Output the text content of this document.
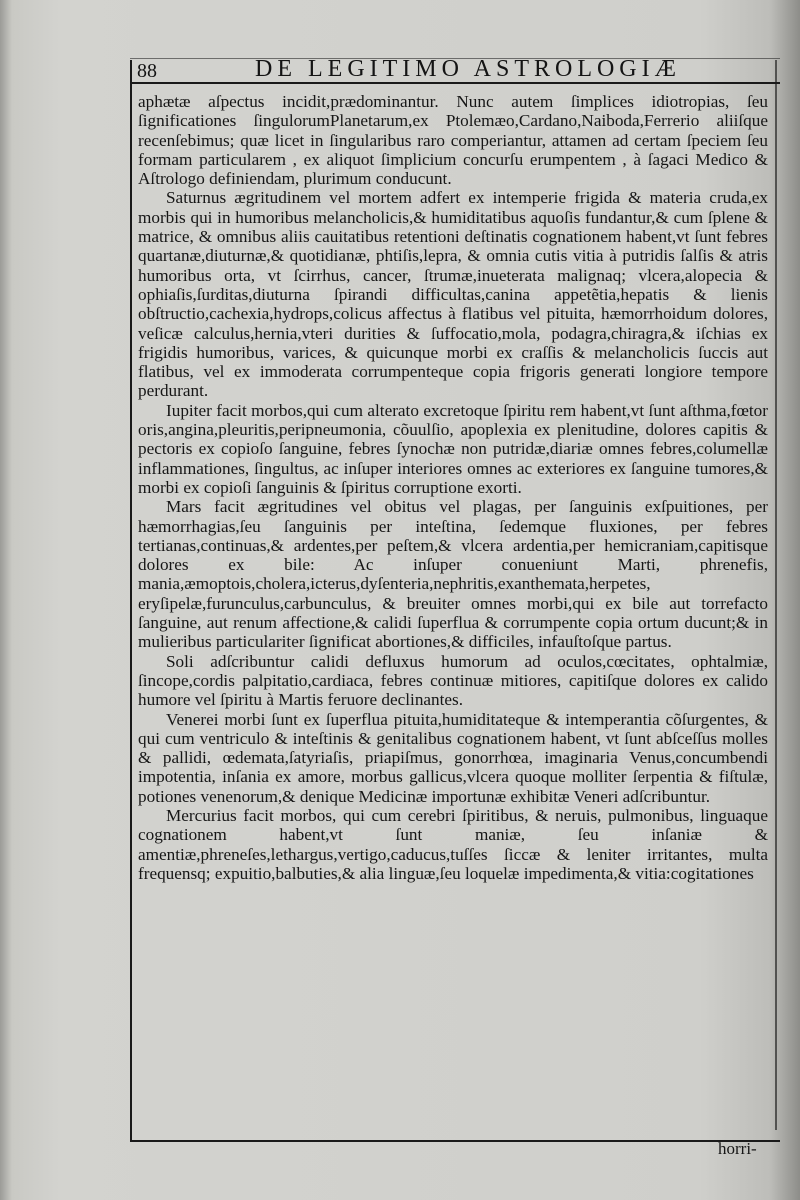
88	DE LEGITIMO ASTROLOGIÆ

aphætæ aſpectus incidit,prædominantur. Nunc autem ſimplices idiotropias, ſeu ſignificationes ſingulorumPlanetarum,ex Ptolemæo,Cardano,Naiboda,Ferrerio aliiſque recenſebimus; quæ licet in ſingularibus raro comperiantur, attamen ad certam ſpeciem ſeu formam particularem , ex aliquot ſimplicium concurſu erumpentem , à ſagaci Medico & Aſtrologo definiendam, plurimum conducunt.

Saturnus ægritudinem vel mortem adfert ex intemperie frigida & materia cruda,ex morbis qui in humoribus melancholicis,& humiditatibus aquoſis fundantur,& cum ſplene & matrice, & omnibus aliis cauitatibus retentioni deſtinatis cognationem habent,vt ſunt febres quartanæ,diuturnæ,& quotidianæ, phtiſis,lepra, & omnia cutis vitia à putridis ſalſis & atris humoribus orta, vt ſcirrhus, cancer, ſtrumæ,inueterata malignaq; vlcera,alopecia & ophiaſis,ſurditas,diuturna ſpirandi difficultas,canina appetẽtia,hepatis & lienis obſtructio,cachexia,hydrops,colicus affectus à flatibus vel pituita, hæmorrhoidum dolores, veſicæ calculus,hernia,vteri durities & ſuffocatio,mola, podagra,chiragra,& iſchias ex frigidis humoribus, varices, & quicunque morbi ex craſſis & melancholicis ſuccis aut flatibus, vel ex immoderata corrumpenteque copia frigoris generati longiore tempore perdurant.

Iupiter facit morbos,qui cum alterato excretoque ſpiritu rem habent,vt ſunt aſthma,fœtor oris,angina,pleuritis,peripneumonia, cõuulſio, apoplexia ex plenitudine, dolores capitis & pectoris ex copioſo ſanguine, febres ſynochæ non putridæ,diariæ omnes febres,columellæ inflammationes, ſingultus, ac inſuper interiores omnes ac exteriores ex ſanguine tumores,& morbi ex copioſi ſanguinis & ſpiritus corruptione exorti.

Mars facit ægritudines vel obitus vel plagas, per ſanguinis exſpuitiones, per hæmorrhagias,ſeu ſanguinis per inteſtina, ſedemque fluxiones, per febres tertianas,continuas,& ardentes,per peſtem,& vlcera ardentia,per hemicraniam,capitisque dolores ex bile: Ac inſuper conueniunt Marti, phrenefis, mania,æmoptois,cholera,icterus,dyſenteria,nephritis,exanthemata,herpetes, eryſipelæ,furunculus,carbunculus, & breuiter omnes morbi,qui ex bile aut torrefacto ſanguine, aut renum affectione,& calidi ſuperflua & corrumpente copia ortum ducunt;& in mulieribus particulariter ſignificat abortiones,& difficiles, infauſtoſque partus.

Soli adſcribuntur calidi defluxus humorum ad oculos,cœcitates, ophtalmiæ, ſincope,cordis palpitatio,cardiaca, febres continuæ mitiores, capitiſque dolores ex calido humore vel ſpiritu à Martis feruore declinantes.

Venerei morbi ſunt ex ſuperflua pituita,humiditateque & intemperantia cõſurgentes, & qui cum ventriculo & inteſtinis & genitalibus cognationem habent, vt ſunt abſceſſus molles & pallidi, œdemata,ſatyriaſis, priapiſmus, gonorrhœa, imaginaria Venus,concumbendi impotentia, inſania ex amore, morbus gallicus,vlcera quoque molliter ſerpentia & fiſtulæ, potiones venenorum,& denique Medicinæ importunæ exhibitæ Veneri adſcribuntur.

Mercurius facit morbos, qui cum cerebri ſpiritibus, & neruis, pulmonibus, linguaque cognationem habent,vt ſunt maniæ, ſeu inſaniæ & amentiæ,phreneſes,lethargus,vertigo,caducus,tuſſes ſiccæ & leniter irritantes, multa frequensq; expuitio,balbuties,& alia linguæ,ſeu loquelæ impedimenta,& vitia:cogitationes

horri-
